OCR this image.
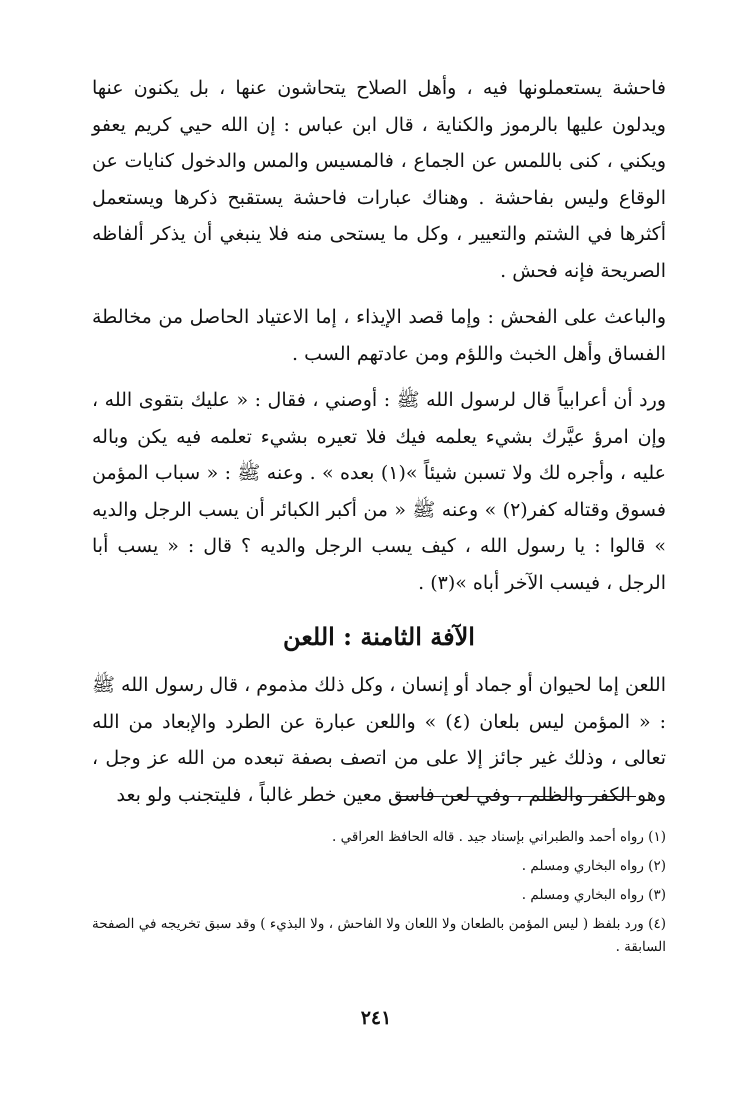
فاحشة يستعملونها فيه ، وأهل الصلاح يتحاشون عنها ، بل يكنون عنها ويدلون عليها بالرموز والكناية ، قال ابن عباس : إن الله حيي كريم يعفو ويكني ، كنى باللمس عن الجماع ، فالمسيس والمس والدخول كنايات عن الوقاع وليس بفاحشة . وهناك عبارات فاحشة يستقبح ذكرها ويستعمل أكثرها في الشتم والتعيير ، وكل ما يستحى منه فلا ينبغي أن يذكر ألفاظه الصريحة فإنه فحش .

والباعث على الفحش : وإما قصد الإيذاء ، إما الاعتياد الحاصل من مخالطة الفساق وأهل الخبث واللؤم ومن عادتهم السب .

ورد أن أعرابياً قال لرسول الله ﷺ : أوصني ، فقال : « عليك بتقوى الله ، وإن امرؤ عيَّرك بشيء يعلمه فيك فلا تعيره بشيء تعلمه فيه يكن وباله عليه ، وأجره لك ولا تسبن شيئاً »(١) بعده » . وعنه ﷺ : « سباب المؤمن فسوق وقتاله كفر(٢) » وعنه ﷺ « من أكبر الكبائر أن يسب الرجل والديه » قالوا : يا رسول الله ، كيف يسب الرجل والديه ؟ قال : « يسب أبا الرجل ، فيسب الآخر أباه »(٣) .

الآفة الثامنة : اللعن

اللعن إما لحيوان أو جماد أو إنسان ، وكل ذلك مذموم ، قال رسول الله ﷺ : « المؤمن ليس بلعان (٤) » واللعن عبارة عن الطرد والإبعاد من الله تعالى ، وذلك غير جائز إلا على من اتصف بصفة تبعده من الله عز وجل ، وهو الكفر والظلم ، وفي لعن فاسق معين خطر غالباً ، فليتجنب ولو بعد

(١) رواه أحمد والطبراني بإسناد جيد . قاله الحافظ العراقي .

(٢) رواه البخاري ومسلم .

(٣) رواه البخاري ومسلم .

(٤) ورد بلفظ ( ليس المؤمن بالطعان ولا اللعان ولا الفاحش ، ولا البذيء ) وقد سبق تخريجه في الصفحة السابقة .

٢٤١
